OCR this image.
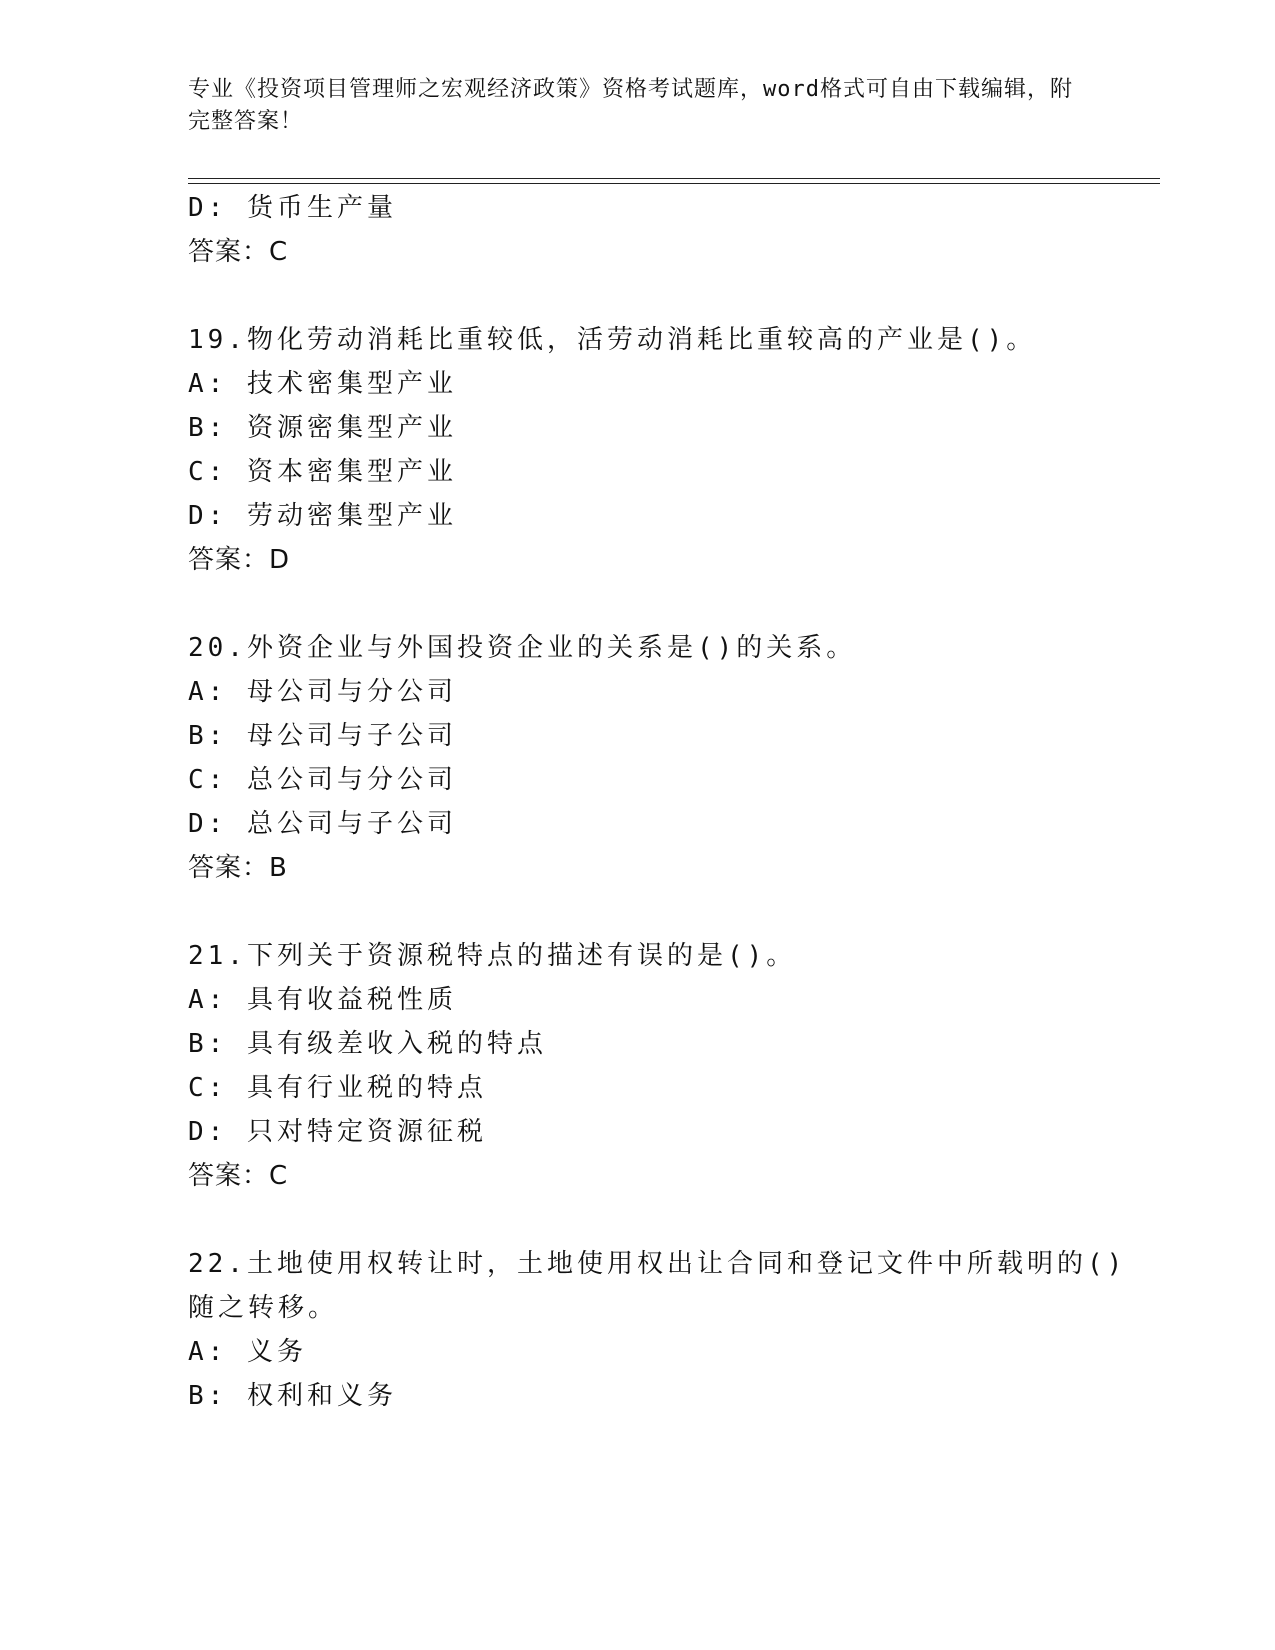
专业《投资项目管理师之宏观经济政策》资格考试题库，word格式可自由下载编辑，附完整答案！
D: 货币生产量
答案：C
19.物化劳动消耗比重较低，活劳动消耗比重较高的产业是()。
A: 技术密集型产业
B: 资源密集型产业
C: 资本密集型产业
D: 劳动密集型产业
答案：D
20.外资企业与外国投资企业的关系是()的关系。
A: 母公司与分公司
B: 母公司与子公司
C: 总公司与分公司
D: 总公司与子公司
答案：B
21.下列关于资源税特点的描述有误的是()。
A: 具有收益税性质
B: 具有级差收入税的特点
C: 具有行业税的特点
D: 只对特定资源征税
答案：C
22.土地使用权转让时，土地使用权出让合同和登记文件中所载明的()
随之转移。
A: 义务
B: 权利和义务
